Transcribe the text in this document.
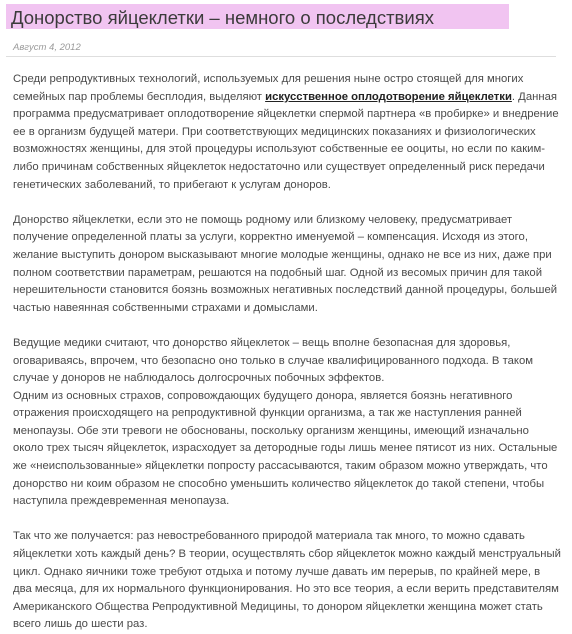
Донорство яйцеклетки – немного о последствиях
Август 4, 2012

Среди репродуктивных технологий, используемых для решения ныне остро стоящей для многих семейных пар проблемы бесплодия, выделяют искусственное оплодотворение яйцеклетки. Данная программа предусматривает оплодотворение яйцеклетки спермой партнера «в пробирке» и внедрение ее в организм будущей матери. При соответствующих медицинских показаниях и физиологических возможностях женщины, для этой процедуры используют собственные ее ооциты, но если по каким-либо причинам собственных яйцеклеток недостаточно или существует определенный риск передачи генетических заболеваний, то прибегают к услугам доноров.

Донорство яйцеклетки, если это не помощь родному или близкому человеку, предусматривает получение определенной платы за услуги, корректно именуемой – компенсация. Исходя из этого, желание выступить донором высказывают многие молодые женщины, однако не все из них, даже при полном соответствии параметрам, решаются на подобный шаг. Одной из весомых причин для такой нерешительности становится боязнь возможных негативных последствий данной процедуры, большей частью навеянная собственными страхами и домыслами.

Ведущие медики считают, что донорство яйцеклеток – вещь вполне безопасная для здоровья, оговариваясь, впрочем, что безопасно оно только в случае квалифицированного подхода. В таком случае у доноров не наблюдалось долгосрочных побочных эффектов.

Одним из основных страхов, сопровождающих будущего донора, является боязнь негативного отражения происходящего на репродуктивной функции организма, а так же наступления ранней менопаузы. Обе эти тревоги не обоснованы, поскольку организм женщины, имеющий изначально около трех тысяч яйцеклеток, израсходует за детородные годы лишь менее пятисот из них. Остальные же «неиспользованные» яйцеклетки попросту рассасываются, таким образом можно утверждать, что донорство ни коим образом не способно уменьшить количество яйцеклеток до такой степени, чтобы наступила преждевременная менопауза.

Так что же получается: раз невостребованного природой материала так много, то можно сдавать яйцеклетки хоть каждый день? В теории, осуществлять сбор яйцеклеток можно каждый менструальный цикл. Однако яичники тоже требуют отдыха и потому лучше давать им перерыв, по крайней мере, в два месяца, для их нормального функционирования. Но это все теория, а если верить представителям Американского Общества Репродуктивной Медицины, то донором яйцеклетки женщина может стать всего лишь до шести раз.
